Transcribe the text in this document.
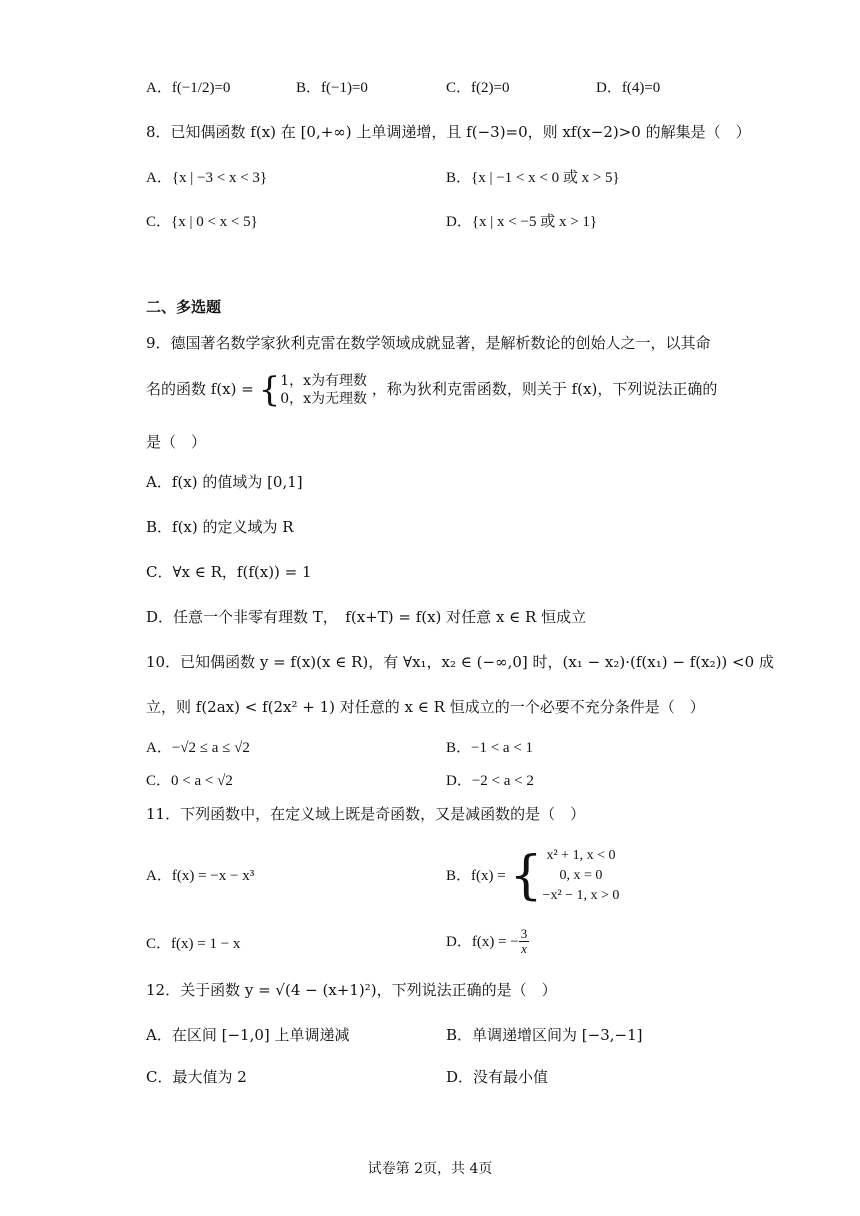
A．f(−1/2)=0	B．f(−1)=0	C．f(2)=0	D．f(4)=0
8．已知偶函数 f(x) 在 [0,+∞) 上单调递增，且 f(−3)=0，则 xf(x−2)>0 的解集是（　）
A．{x | −3 < x < 3}	B．{x | −1 < x < 0 或 x > 5}
C．{x | 0 < x < 5}	D．{x | x < −5 或 x > 1}
二、多选题
9．德国著名数学家狄利克雷在数学领域成就显著，是解析数论的创始人之一，以其命
名的函数 f(x) = { 1，x为有理数
0，x为无理数
，称为狄利克雷函数，则关于 f(x)，下列说法正确的
是（　）
A．f(x) 的值域为 [0,1]
B．f(x) 的定义域为 R
C．∀x ∈ R，f(f(x)) = 1
D．任意一个非零有理数 T，　f(x+T) = f(x) 对任意 x ∈ R 恒成立
10．已知偶函数 y = f(x)(x ∈ R)，有 ∀x₁，x₂ ∈ (−∞,0] 时，(x₁ − x₂)·(f(x₁) − f(x₂)) <0 成
立，则 f(2ax) < f(2x² + 1) 对任意的 x ∈ R 恒成立的一个必要不充分条件是（　）
A．−√2 ≤ a ≤ √2	B．−1 < a < 1
C．0 < a < √2	D．−2 < a < 2
11．下列函数中，在定义域上既是奇函数，又是减函数的是（　）
A．f(x) = −x − x³	B．f(x) = { x² + 1, x < 0
0, x = 0
−x² − 1, x > 0
C．f(x) = 1 − x	D．f(x) = − $\frac{3}{x}$
12．关于函数 y = √(4 − (x+1)²)，下列说法正确的是（　）
A．在区间 [−1,0] 上单调递减	B．单调递增区间为 [−3,−1]
C．最大值为 2	D．没有最小值
试卷第 2页，共 4页
